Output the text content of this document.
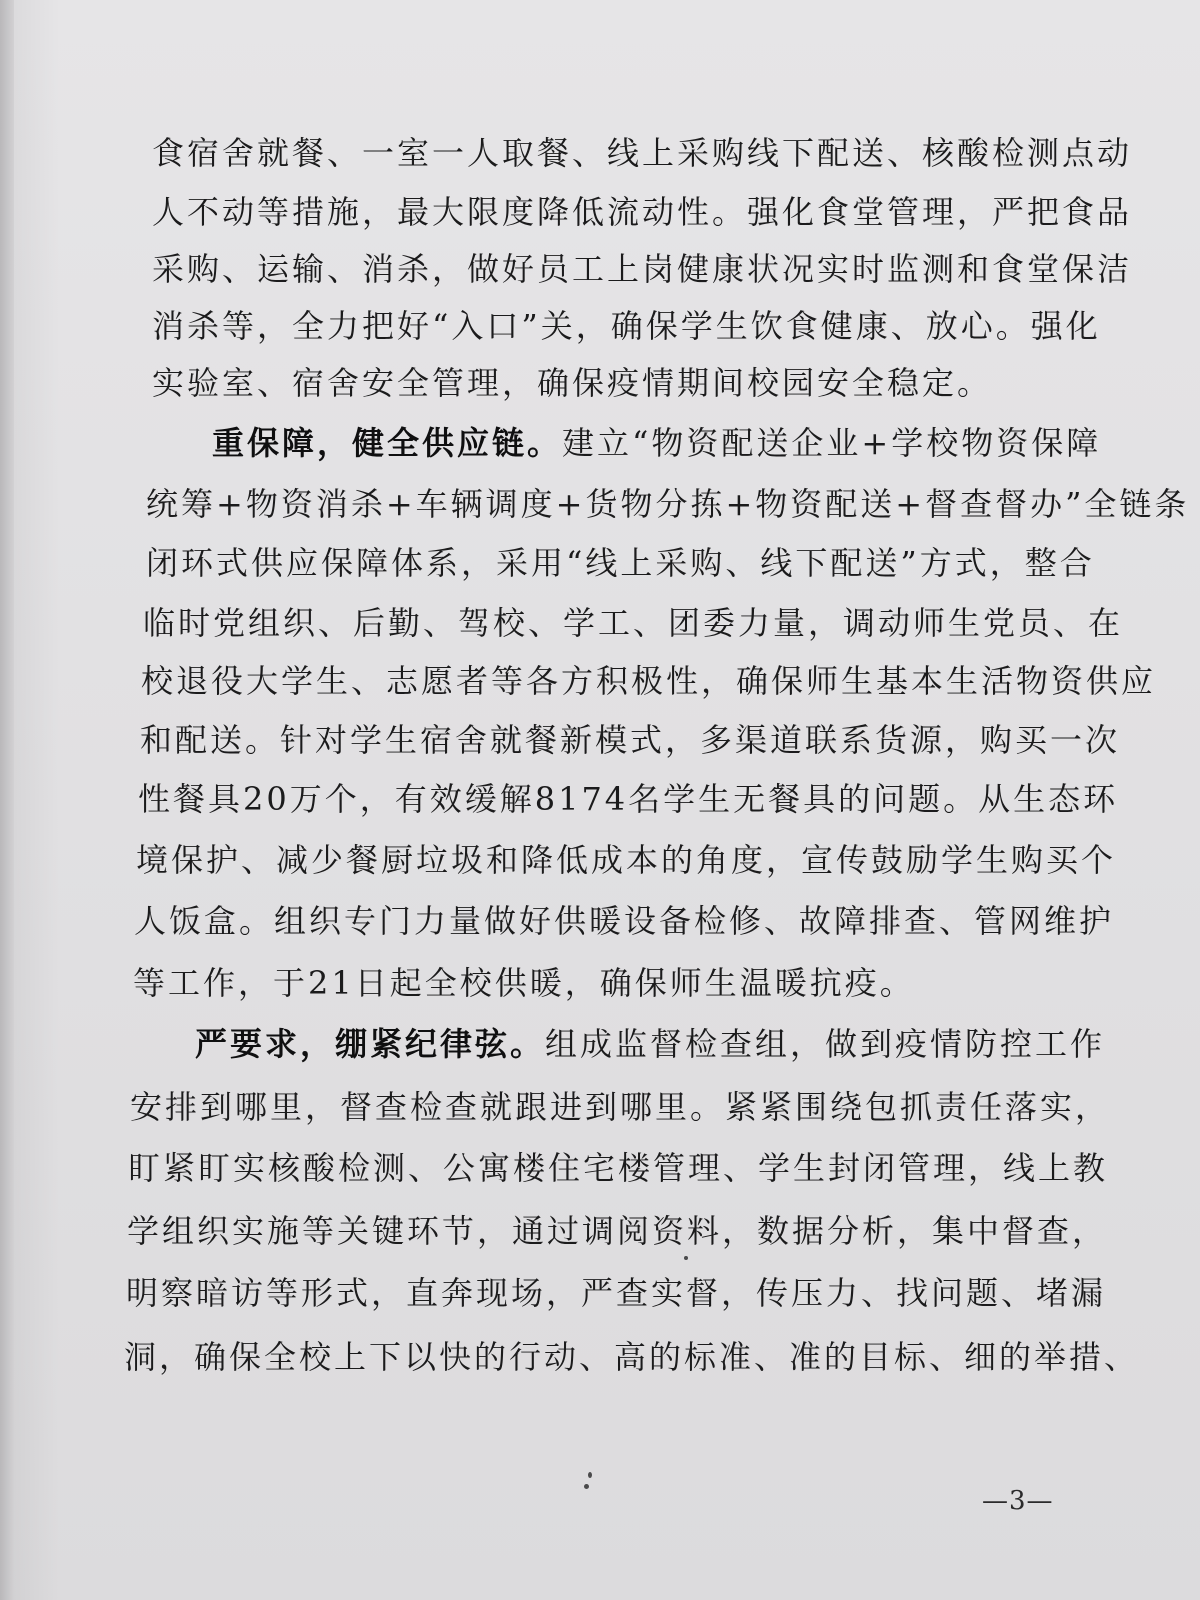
食宿舍就餐、一室一人取餐、线上采购线下配送、核酸检测点动
人不动等措施，最大限度降低流动性。强化食堂管理，严把食品
采购、运输、消杀，做好员工上岗健康状况实时监测和食堂保洁
消杀等，全力把好“入口”关，确保学生饮食健康、放心。强化
实验室、宿舍安全管理，确保疫情期间校园安全稳定。
重保障，健全供应链。建立“物资配送企业+学校物资保障
统筹+物资消杀+车辆调度+货物分拣+物资配送+督查督办”全链条
闭环式供应保障体系，采用“线上采购、线下配送”方式，整合
临时党组织、后勤、驾校、学工、团委力量，调动师生党员、在
校退役大学生、志愿者等各方积极性，确保师生基本生活物资供应
和配送。针对学生宿舍就餐新模式，多渠道联系货源，购买一次
性餐具20万个，有效缓解8174名学生无餐具的问题。从生态环
境保护、减少餐厨垃圾和降低成本的角度，宣传鼓励学生购买个
人饭盒。组织专门力量做好供暖设备检修、故障排查、管网维护
等工作，于21日起全校供暖，确保师生温暖抗疫。
严要求，绷紧纪律弦。组成监督检查组，做到疫情防控工作
安排到哪里，督查检查就跟进到哪里。紧紧围绕包抓责任落实，
盯紧盯实核酸检测、公寓楼住宅楼管理、学生封闭管理，线上教
学组织实施等关键环节，通过调阅资料，数据分析，集中督查，
明察暗访等形式，直奔现场，严查实督，传压力、找问题、堵漏
洞，确保全校上下以快的行动、高的标准、准的目标、细的举措、
—3—
